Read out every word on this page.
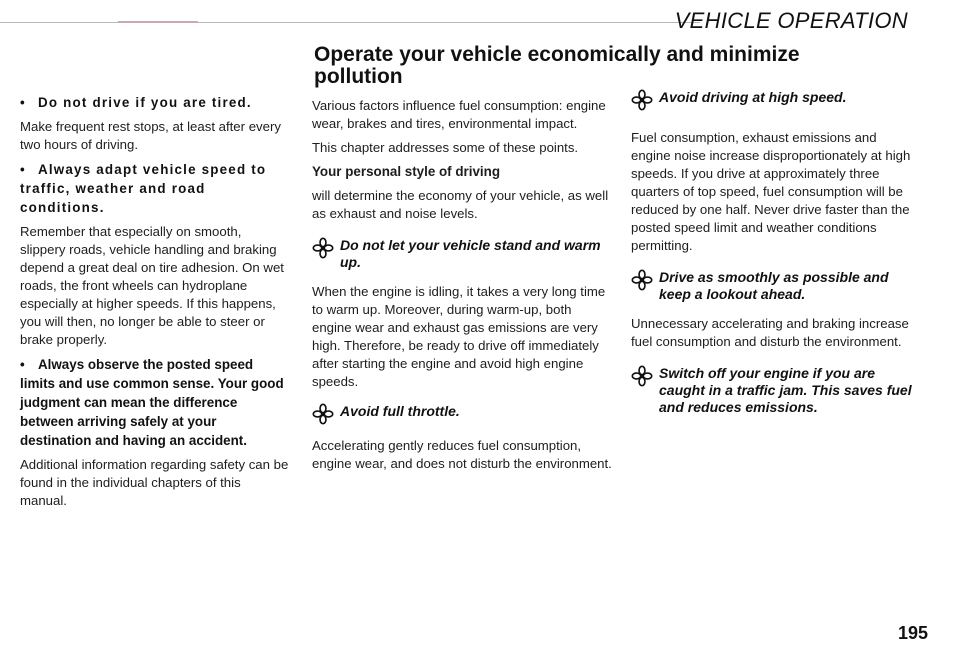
VEHICLE OPERATION
Operate your vehicle economically and minimize pollution

• Do not drive if you are tired.

Make frequent rest stops, at least after every two hours of driving.

• Always adapt vehicle speed to traffic, weather and road conditions.

Remember that especially on smooth, slippery roads, vehicle handling and braking depend a great deal on tire adhesion. On wet roads, the front wheels can hydroplane especially at higher speeds. If this happens, you will then, no longer be able to steer or brake properly.

• Always observe the posted speed limits and use common sense. Your good judgment can mean the difference between arriving safely at your destination and having an accident.

Additional information regarding safety can be found in the individual chapters of this manual.

Various factors influence fuel consumption: engine wear, brakes and tires, environmental impact.

This chapter addresses some of these points.

Your personal style of driving

will determine the economy of your vehicle, as well as exhaust and noise levels.

Do not let your vehicle stand and warm up.

When the engine is idling, it takes a very long time to warm up. Moreover, during warm-up, both engine wear and exhaust gas emissions are very high. Therefore, be ready to drive off immediately after starting the engine and avoid high engine speeds.

Avoid full throttle.

Accelerating gently reduces fuel consumption, engine wear, and does not disturb the environment.

Avoid driving at high speed.

Fuel consumption, exhaust emissions and engine noise increase disproportionately at high speeds. If you drive at approximately three quarters of top speed, fuel consumption will be reduced by one half. Never drive faster than the posted speed limit and weather conditions permitting.

Drive as smoothly as possible and keep a lookout ahead.

Unnecessary accelerating and braking increase fuel consumption and disturb the environment.

Switch off your engine if you are caught in a traffic jam. This saves fuel and reduces emissions.
195
